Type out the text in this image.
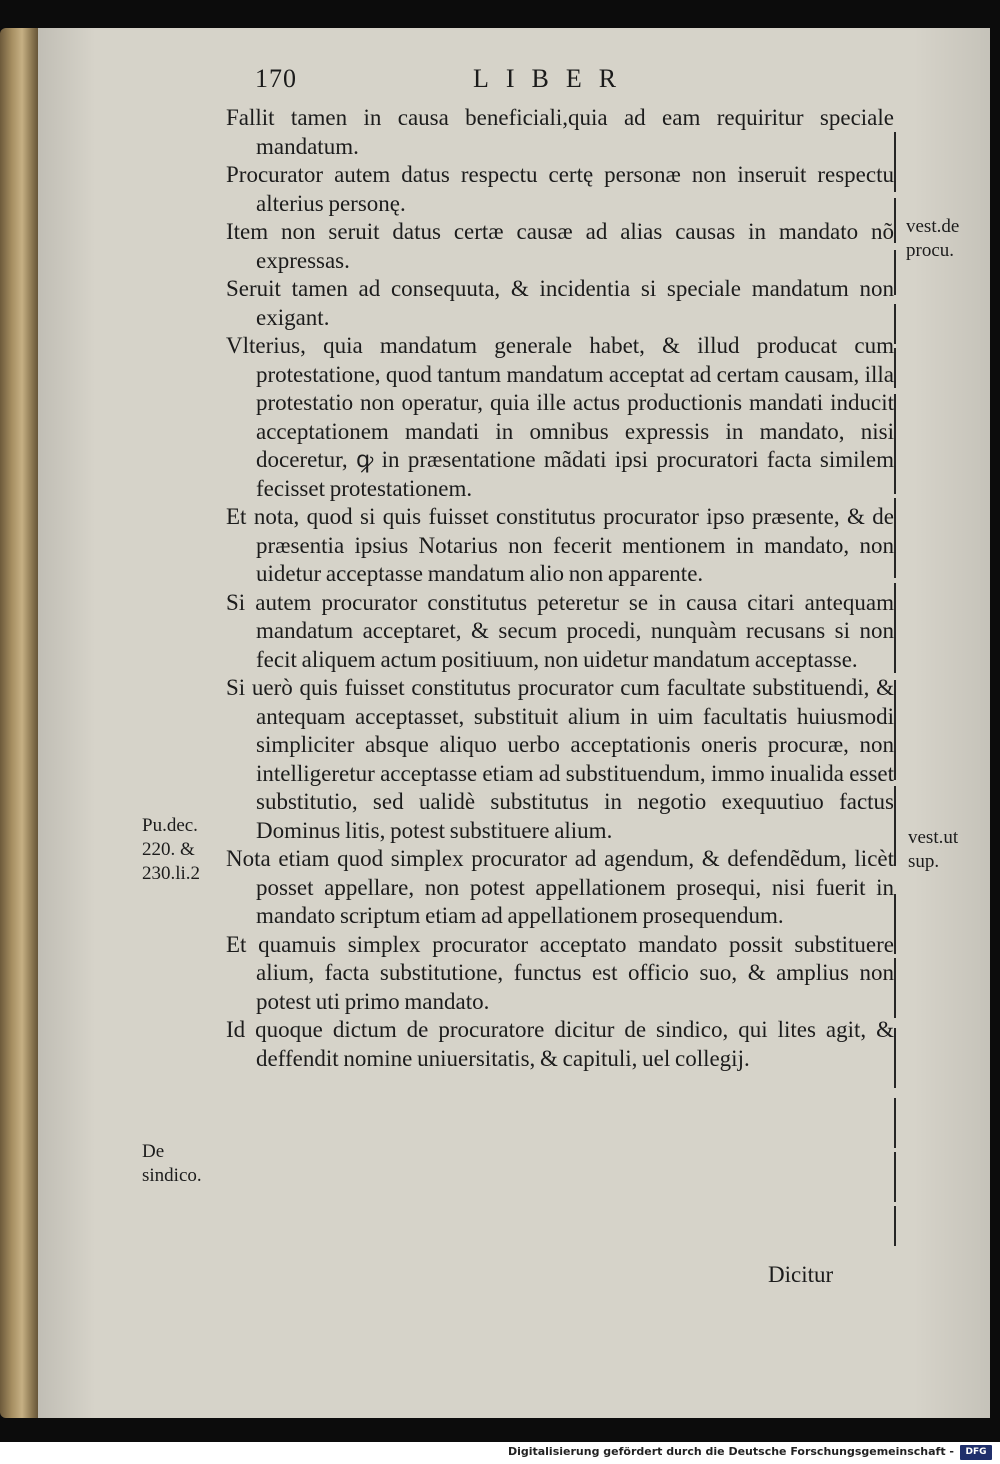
170	LIBER

Fallit tamen in causa beneficiali,quia ad eam requiritur speciale mandatum.

Procurator autem datus respectu certę personæ non inseruit respectu alterius personę.

Item non seruit datus certæ causæ ad alias causas in mandato nõ expressas.

Seruit tamen ad consequuta, & incidentia si speciale mandatum non exigant.

Vlterius, quia mandatum generale habet, & illud producat cum protestatione, quod tantum mandatum acceptat ad certam causam, illa protestatio non operatur, quia ille actus productionis mandati inducit acceptationem mandati in omnibus expressis in mandato, nisi doceretur, ꝙ in præsentatione mãdati ipsi procuratori facta similem fecisset protestationem.

Et nota, quod si quis fuisset constitutus procurator ipso præsente, & de præsentia ipsius Notarius non fecerit mentionem in mandato, non uidetur acceptasse mandatum alio non apparente.

Si autem procurator constitutus peteretur se in causa citari antequam mandatum acceptaret, & secum procedi, nunquàm recusans si non fecit aliquem actum positiuum, non uidetur mandatum acceptasse.

Si uerò quis fuisset constitutus procurator cum facultate substituendi, & antequam acceptasset, substituit alium in uim facultatis huiusmodi simpliciter absque aliquo uerbo acceptationis oneris procuræ, non intelligeretur acceptasse etiam ad substituendum, immo inualida esset substitutio, sed ualidè substitutus in negotio exequutiuo factus Dominus litis, potest substituere alium.

Nota etiam quod simplex procurator ad agendum, & defendẽdum, licèt posset appellare, non potest appellationem prosequi, nisi fuerit in mandato scriptum etiam ad appellationem prosequendum.

Et quamuis simplex procurator acceptato mandato possit substituere alium, facta substitutione, functus est officio suo, & amplius non potest uti primo mandato.

Id quoque dictum de procuratore dicitur de sindico, qui lites agit, & deffendit nomine uniuersitatis, & capituli, uel collegij.

Dicitur
vest.de procu.
vest.ut sup.
Pu.dec. 220. & 230.li.2
De sindico.
Digitalisierung gefördert durch die Deutsche Forschungsgemeinschaft -	DFG
